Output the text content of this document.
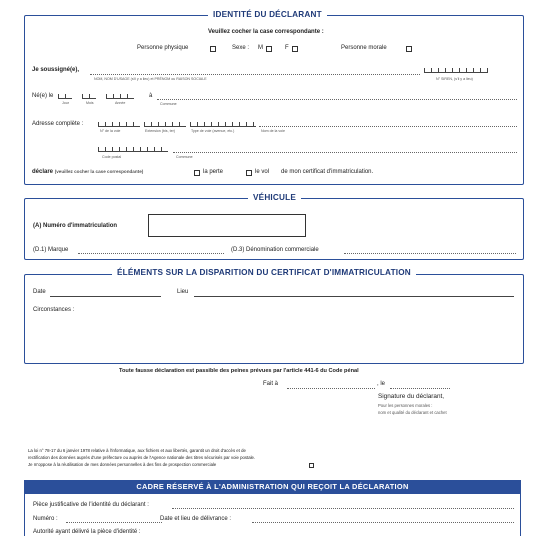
IDENTITÉ DU DÉCLARANT
Veuillez cocher la case correspondante :
Personne physique	Sexe : M	F	Personne morale
Je soussigné(e),
NOM, NOM D'USAGE (s'il y a lieu) et PRÉNOM ou RAISON SOCIALE	N° SIREN, (s'il y a lieu)
Né(e) le
Jour	Mois	Année
à
Commune
Adresse complète :
N° de la voie	Extension (bis, ter)	Type de voie (avenue, etc.)	Nom de la voie
Code postal	Commune
déclare (veuillez cocher la case correspondante)	la perte	le vol de mon certificat d'immatriculation.
VÉHICULE
(A) Numéro d'immatriculation
(D.1) Marque	(D.3) Dénomination commerciale
ÉLÉMENTS SUR LA DISPARITION DU CERTIFICAT D'IMMATRICULATION
Date	Lieu
Circonstances :
Toute fausse déclaration est passible des peines prévues par l'article 441-6 du Code pénal
Fait à	, le
Signature du déclarant,
Pour les personnes morales :
nom et qualité du déclarant et cachet
La loi n° 78-17 du 6 janvier 1978 relative à l'informatique, aux fichiers et aux libertés, garantit un droit d'accès et de
rectification des données auprès d'une préfecture ou auprès de l'Agence nationale des titres sécurisés par voie postale.
Je m'oppose à la réutilisation de mes données personnelles à des fins de prospection commerciale
CADRE RÉSERVÉ À L'ADMINISTRATION QUI REÇOIT LA DÉCLARATION
Pièce justificative de l'identité du déclarant :
Numéro :	Date et lieu de délivrance :
Autorité ayant délivré la pièce d'identité :
